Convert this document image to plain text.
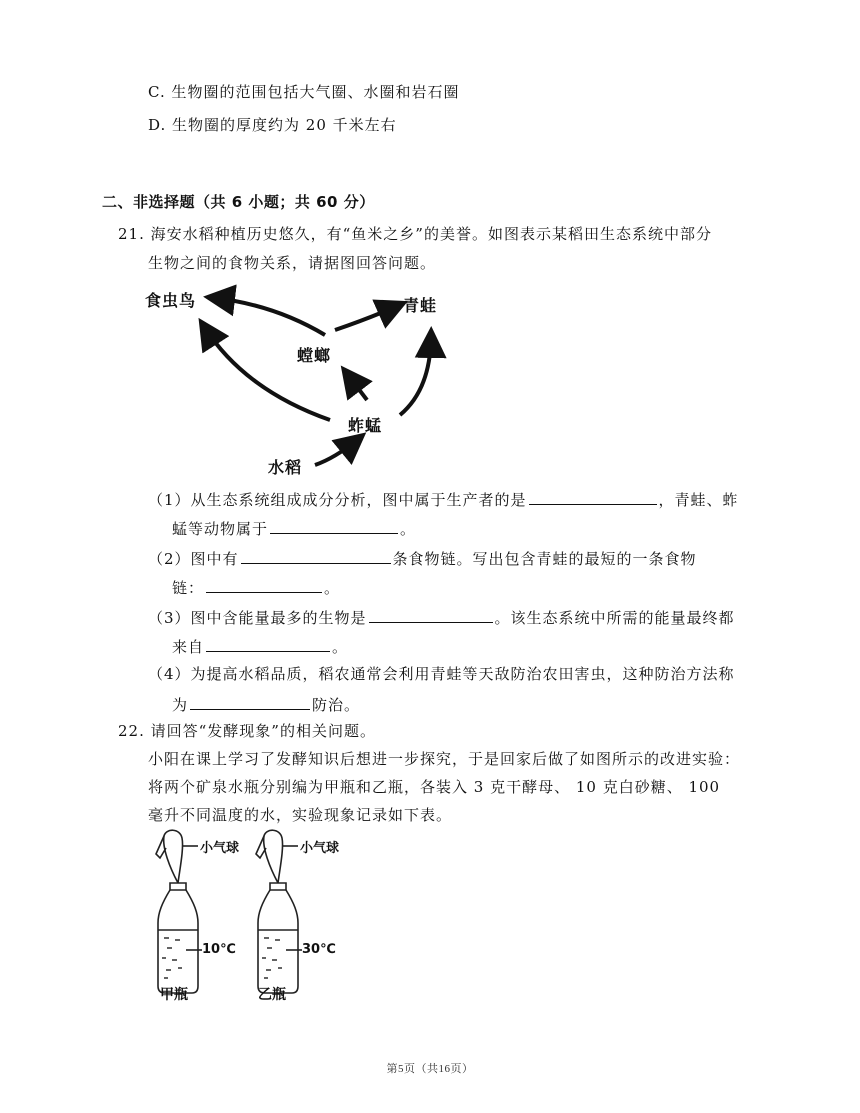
C. 生物圈的范围包括大气圈、水圈和岩石圈
D. 生物圈的厚度约为 20 千米左右
二、非选择题（共 6 小题；共 60 分）
21. 海安水稻种植历史悠久，有“鱼米之乡”的美誉。如图表示某稻田生态系统中部分
生物之间的食物关系，请据图回答问题。
食虫鸟	青蛙
螳螂
蚱蜢
水稻
（1）从生态系统组成成分分析，图中属于生产者的是	，青蛙、蚱
蜢等动物属于	。
（2）图中有	条食物链。写出包含青蛙的最短的一条食物
链：	。
（3）图中含能量最多的生物是	。该生态系统中所需的能量最终都
来自	。
（4）为提高水稻品质，稻农通常会利用青蛙等天敌防治农田害虫，这种防治方法称
为	防治。
22. 请回答“发酵现象”的相关问题。
小阳在课上学习了发酵知识后想进一步探究，于是回家后做了如图所示的改进实验：
将两个矿泉水瓶分别编为甲瓶和乙瓶，各装入 3 克干酵母、 10 克白砂糖、 100
毫升不同温度的水，实验现象记录如下表。
小气球	小气球
10℃	30℃
甲瓶	乙瓶
第5页（共16页）
